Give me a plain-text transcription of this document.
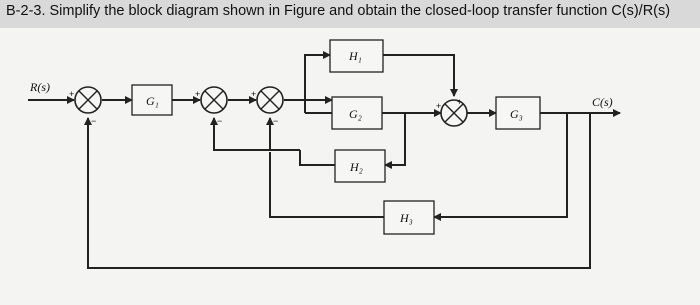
B-2-3. Simplify the block diagram shown in Figure and obtain the closed-loop transfer function C(s)/R(s)
+
−
+
−
+
−
+
+
G₁
H₁
G₂
H₂
H₃
G₃
R(s)
C(s)
